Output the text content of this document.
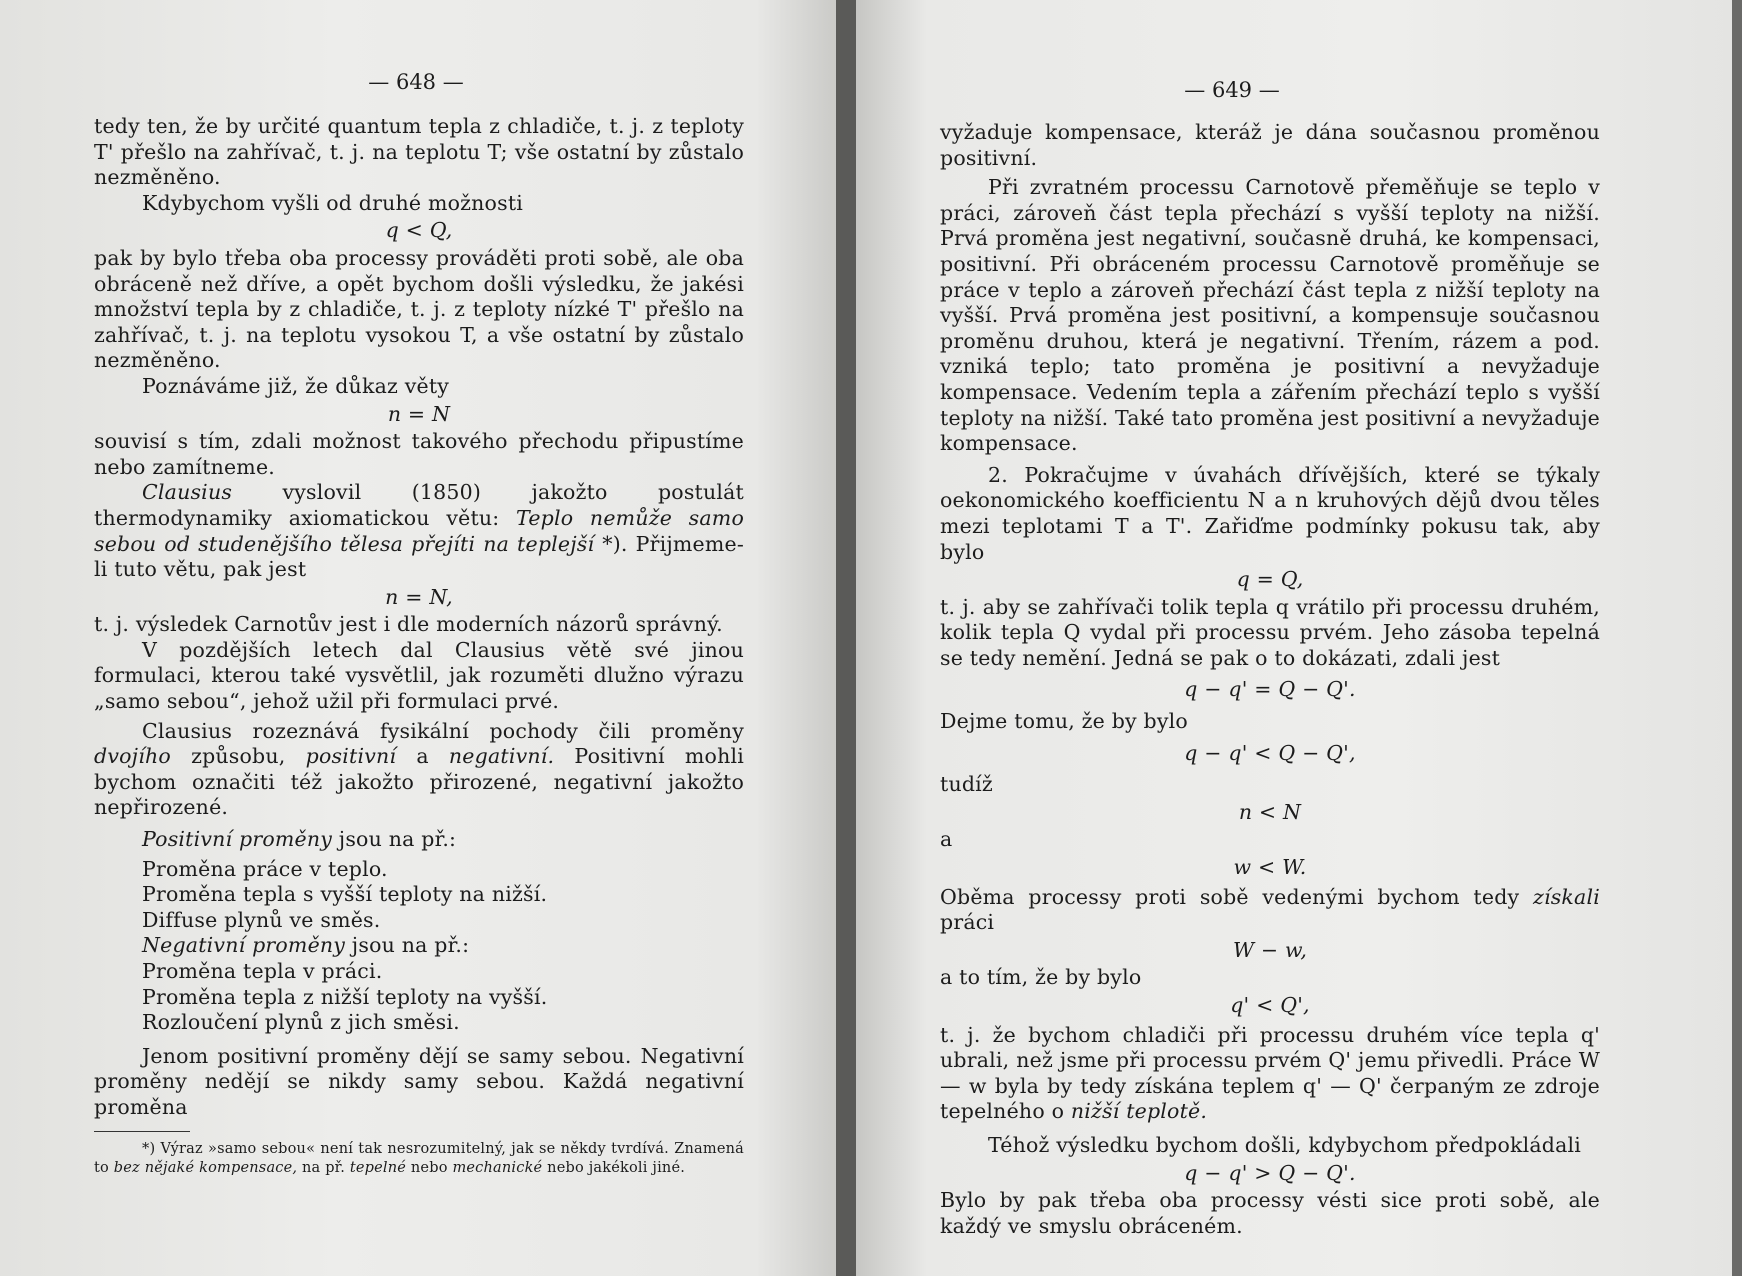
— 648 —

tedy ten, že by určité quantum tepla z chladiče, t. j. z teploty T' přešlo na zahřívač, t. j. na teplotu T; vše ostatní by zůstalo nezměněno.

Kdybychom vyšli od druhé možnosti

q < Q,

pak by bylo třeba oba processy prováděti proti sobě, ale oba obráceně než dříve, a opět bychom došli výsledku, že jakési množství tepla by z chladiče, t. j. z teploty nízké T' přešlo na zahřívač, t. j. na teplotu vysokou T, a vše ostatní by zůstalo nezměněno.

Poznáváme již, že důkaz věty

n = N

souvisí s tím, zdali možnost takového přechodu připustíme nebo zamítneme.

Clausius vyslovil (1850) jakožto postulát thermodynamiky axiomatickou větu: Teplo nemůže samo sebou od studenějšího tělesa přejíti na teplejší *). Přijmeme-li tuto větu, pak jest

n = N,

t. j. výsledek Carnotův jest i dle moderních názorů správný.

V pozdějších letech dal Clausius větě své jinou formulaci, kterou také vysvětlil, jak rozuměti dlužno výrazu „samo sebou“, jehož užil při formulaci prvé.

Clausius rozeznává fysikální pochody čili proměny dvojího způsobu, positivní a negativní. Positivní mohli bychom označiti též jakožto přirozené, negativní jakožto nepřirozené.

Positivní proměny jsou na př.:

Proměna práce v teplo.

Proměna tepla s vyšší teploty na nižší.

Diffuse plynů ve směs.

Negativní proměny jsou na př.:

Proměna tepla v práci.

Proměna tepla z nižší teploty na vyšší.

Rozloučení plynů z jich směsi.

Jenom positivní proměny dějí se samy sebou. Negativní proměny nedějí se nikdy samy sebou. Každá negativní proměna

*) Výraz »samo sebou« není tak nesrozumitelný, jak se někdy tvrdívá. Znamená to bez nějaké kompensace, na př. tepelné nebo mechanické nebo jakékoli jiné.

— 649 —

vyžaduje kompensace, kteráž je dána současnou proměnou positivní.

Při zvratném processu Carnotově přeměňuje se teplo v práci, zároveň část tepla přechází s vyšší teploty na nižší. Prvá proměna jest negativní, současně druhá, ke kompensaci, positivní. Při obráceném processu Carnotově proměňuje se práce v teplo a zároveň přechází část tepla z nižší teploty na vyšší. Prvá proměna jest positivní, a kompensuje současnou proměnu druhou, která je negativní. Třením, rázem a pod. vzniká teplo; tato proměna je positivní a nevyžaduje kompensace. Vedením tepla a zářením přechází teplo s vyšší teploty na nižší. Také tato proměna jest positivní a nevyžaduje kompensace.

2. Pokračujme v úvahách dřívějších, které se týkaly oekonomického koefficientu N a n kruhových dějů dvou těles mezi teplotami T a T'. Zařiďme podmínky pokusu tak, aby bylo

q = Q,

t. j. aby se zahřívači tolik tepla q vrátilo při processu druhém, kolik tepla Q vydal při processu prvém. Jeho zásoba tepelná se tedy nemění. Jedná se pak o to dokázati, zdali jest

q − q' = Q − Q'.

Dejme tomu, že by bylo

q − q' < Q − Q',

tudíž

n < N

a

w < W.

Oběma processy proti sobě vedenými bychom tedy získali práci

W − w,

a to tím, že by bylo

q' < Q',

t. j. že bychom chladiči při processu druhém více tepla q' ubrali, než jsme při processu prvém Q' jemu přivedli. Práce W — w byla by tedy získána teplem q' — Q' čerpaným ze zdroje tepelného o nižší teplotě.

Téhož výsledku bychom došli, kdybychom předpokládali

q − q' > Q − Q'.

Bylo by pak třeba oba processy vésti sice proti sobě, ale každý ve smyslu obráceném.
